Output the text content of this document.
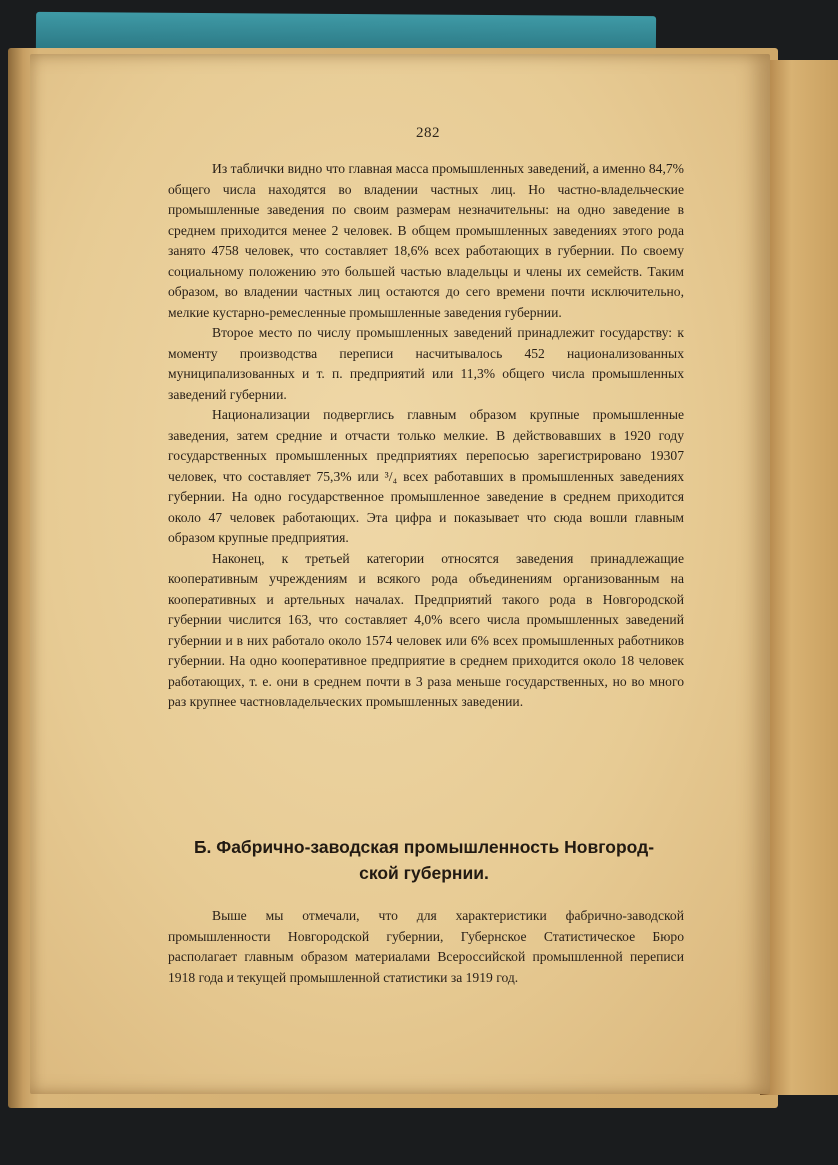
282

Из таблички видно что главная масса промышленных заведений, а именно 84,7% общего числа находятся во владении частных лиц. Но частно-владельческие промышленные заведения по своим размерам незначительны: на одно заведение в среднем приходится менее 2 человек. В общем промышленных заведениях этого рода занято 4758 человек, что составляет 18,6% всех работающих в губернии. По своему социальному положению это большей частью владельцы и члены их семейств. Таким образом, во владении частных лиц остаются до сего времени почти исключительно, мелкие кустарно-ремесленные промышленные заведения губернии.

Второе место по числу промышленных заведений принадлежит государству: к моменту производства переписи насчитывалось 452 национализованных муниципализованных и т. п. предприятий или 11,3% общего числа промышленных заведений губернии.

Национализации подверглись главным образом крупные промышленные заведения, затем средние и отчасти только мелкие. В действовавших в 1920 году государственных промышленных предприятиях перепосью зарегистрировано 19307 человек, что составляет 75,3% или ³/₄ всех работавших в промышленных заведениях губернии. На одно государственное промышленное заведение в среднем приходится около 47 человек работающих. Эта цифра и показывает что сюда вошли главным образом крупные предприятия.

Наконец, к третьей категории относятся заведения принадлежащие кооперативным учреждениям и всякого рода объединениям организованным на кооперативных и артельных началах. Предприятий такого рода в Новгородской губернии числится 163, что составляет 4,0% всего числа промышленных заведений губернии и в них работало около 1574 человек или 6% всех промышленных работников губернии. На одно кооперативное предприятие в среднем приходится около 18 человек работающих, т. е. они в среднем почти в 3 раза меньше государственных, но во много раз крупнее частновладельческих промышленных заведении.

Б. Фабрично-заводская промышленность Новгород-
ской губернии.

Выше мы отмечали, что для характеристики фабрично-заводской промышленности Новгородской губернии, Губернское Статистическое Бюро располагает главным образом материалами Всероссийской промышленной переписи 1918 года и текущей промышленной статистики за 1919 год.
